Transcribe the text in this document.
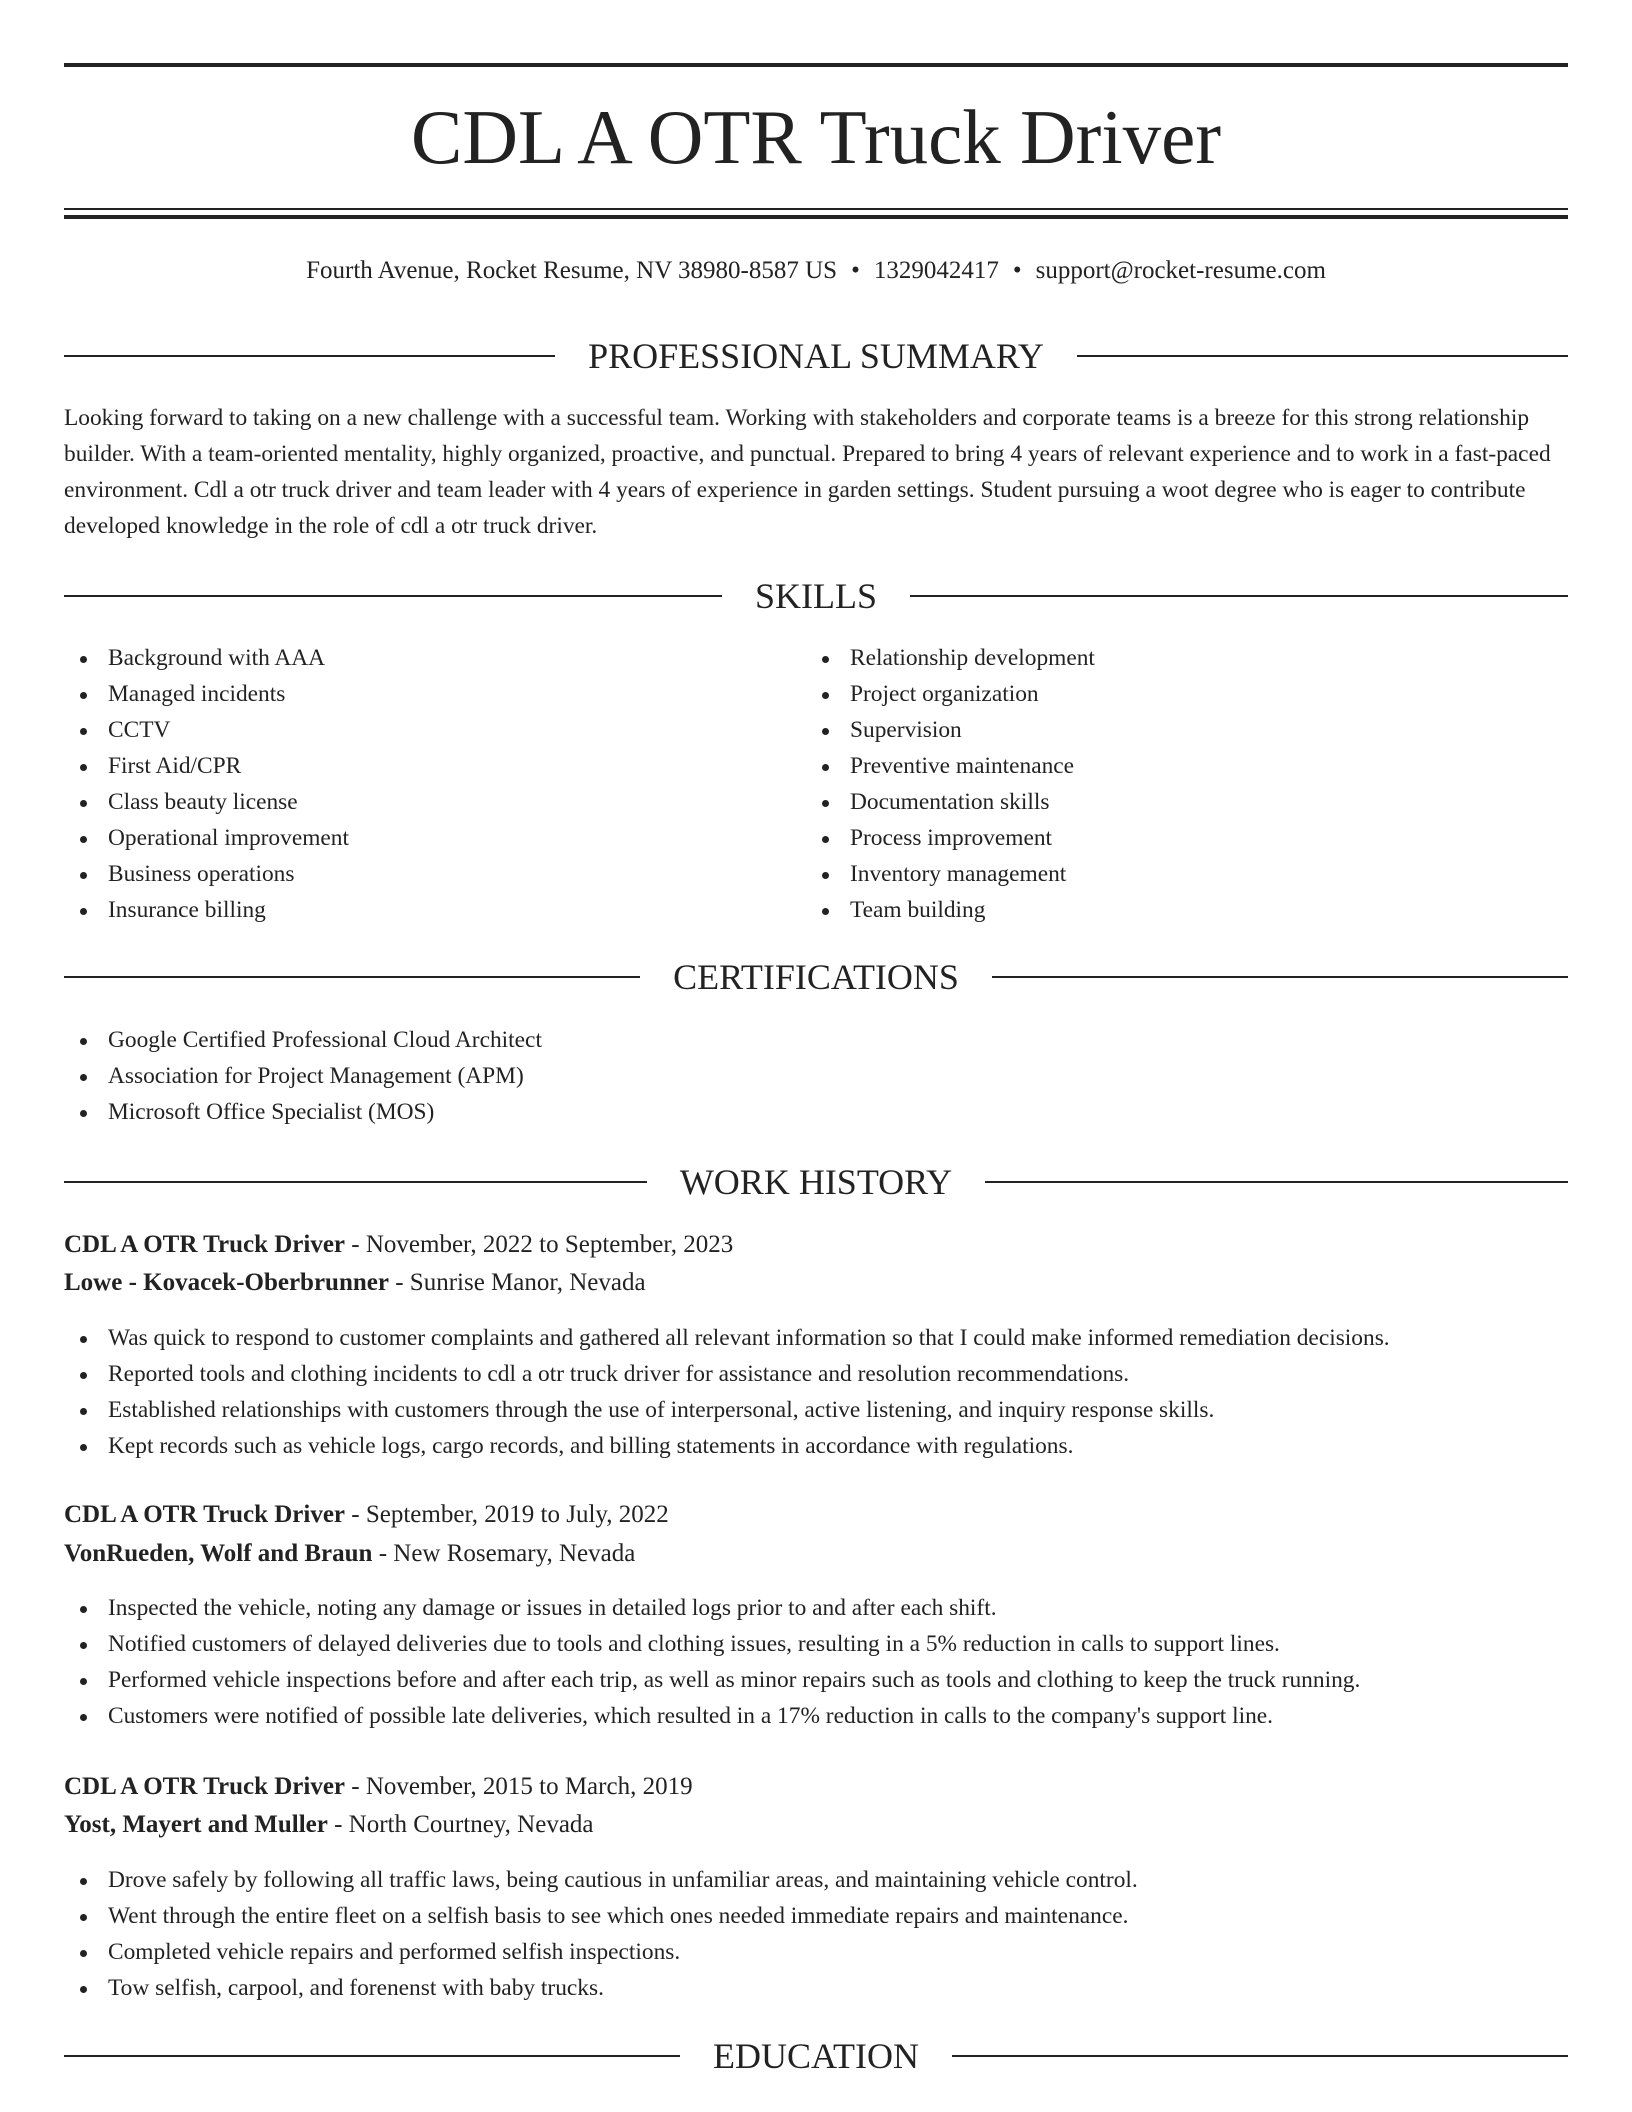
CDL A OTR Truck Driver
Fourth Avenue, Rocket Resume, NV 38980-8587 US • 1329042417 • support@rocket-resume.com
PROFESSIONAL SUMMARY

Looking forward to taking on a new challenge with a successful team. Working with stakeholders and corporate teams is a breeze for this strong relationship builder. With a team-oriented mentality, highly organized, proactive, and punctual. Prepared to bring 4 years of relevant experience and to work in a fast-paced environment. Cdl a otr truck driver and team leader with 4 years of experience in garden settings. Student pursuing a woot degree who is eager to contribute developed knowledge in the role of cdl a otr truck driver.

SKILLS
Background with AAA
Managed incidents
CCTV
First Aid/CPR
Class beauty license
Operational improvement
Business operations
Insurance billing
Relationship development
Project organization
Supervision
Preventive maintenance
Documentation skills
Process improvement
Inventory management
Team building
CERTIFICATIONS
Google Certified Professional Cloud Architect
Association for Project Management (APM)
Microsoft Office Specialist (MOS)
WORK HISTORY
CDL A OTR Truck Driver - November, 2022 to September, 2023
Lowe - Kovacek-Oberbrunner - Sunrise Manor, Nevada
Was quick to respond to customer complaints and gathered all relevant information so that I could make informed remediation decisions.
Reported tools and clothing incidents to cdl a otr truck driver for assistance and resolution recommendations.
Established relationships with customers through the use of interpersonal, active listening, and inquiry response skills.
Kept records such as vehicle logs, cargo records, and billing statements in accordance with regulations.
CDL A OTR Truck Driver - September, 2019 to July, 2022
VonRueden, Wolf and Braun - New Rosemary, Nevada
Inspected the vehicle, noting any damage or issues in detailed logs prior to and after each shift.
Notified customers of delayed deliveries due to tools and clothing issues, resulting in a 5% reduction in calls to support lines.
Performed vehicle inspections before and after each trip, as well as minor repairs such as tools and clothing to keep the truck running.
Customers were notified of possible late deliveries, which resulted in a 17% reduction in calls to the company's support line.
CDL A OTR Truck Driver - November, 2015 to March, 2019
Yost, Mayert and Muller - North Courtney, Nevada
Drove safely by following all traffic laws, being cautious in unfamiliar areas, and maintaining vehicle control.
Went through the entire fleet on a selfish basis to see which ones needed immediate repairs and maintenance.
Completed vehicle repairs and performed selfish inspections.
Tow selfish, carpool, and forenenst with baby trucks.
EDUCATION
